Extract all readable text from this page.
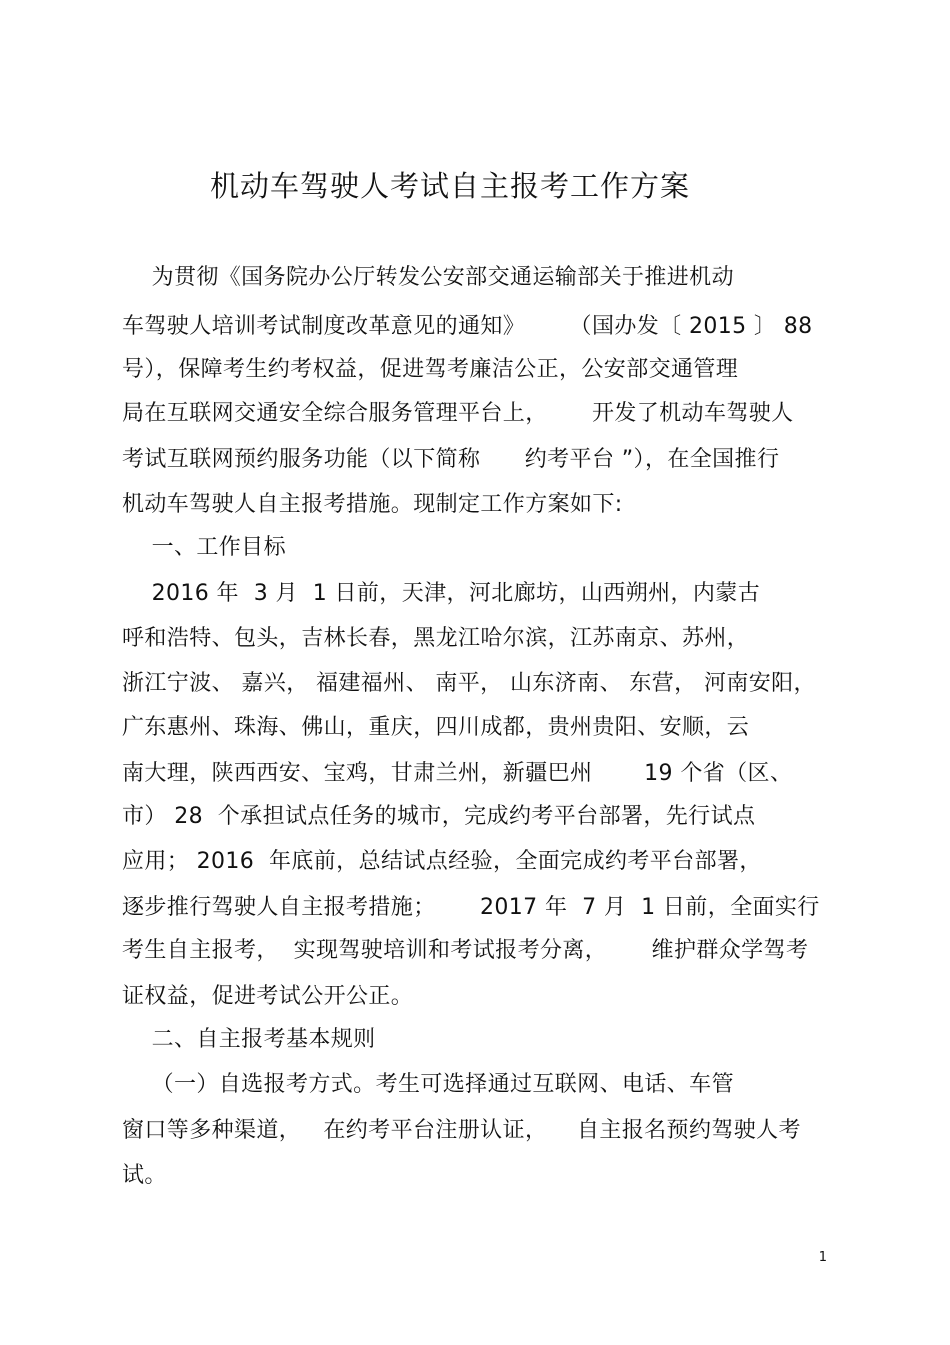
机动车驾驶人考试自主报考工作方案
为贯彻《国务院办公厅转发公安部交通运输部关于推进机动
车驾驶人培训考试制度改革意见的通知》      （国办发〔 2015 〕 88
号），保障考生约考权益，促进驾考廉洁公正，公安部交通管理
局在互联网交通安全综合服务管理平台上，      开发了机动车驾驶人
考试互联网预约服务功能（以下简称      约考平台 ”），在全国推行
机动车驾驶人自主报考措施。现制定工作方案如下:
一、工作目标
2016 年  3 月  1 日前，天津，河北廊坊，山西朔州，内蒙古
呼和浩特、包头，吉林长春，黑龙江哈尔滨，江苏南京、苏州，
浙江宁波、 嘉兴， 福建福州、 南平， 山东济南、 东营， 河南安阳，
广东惠州、珠海、佛山，重庆，四川成都，贵州贵阳、安顺，云
南大理，陕西西安、宝鸡，甘肃兰州，新疆巴州       19 个省（区、
市） 28  个承担试点任务的城市，完成约考平台部署，先行试点
应用； 2016  年底前，总结试点经验，全面完成约考平台部署，
逐步推行驾驶人自主报考措施；      2017 年  7 月  1 日前，全面实行
考生自主报考，  实现驾驶培训和考试报考分离，      维护群众学驾考
证权益，促进考试公开公正。
二、自主报考基本规则
（一）自选报考方式。考生可选择通过互联网、电话、车管
窗口等多种渠道，   在约考平台注册认证，    自主报名预约驾驶人考
试。
1
